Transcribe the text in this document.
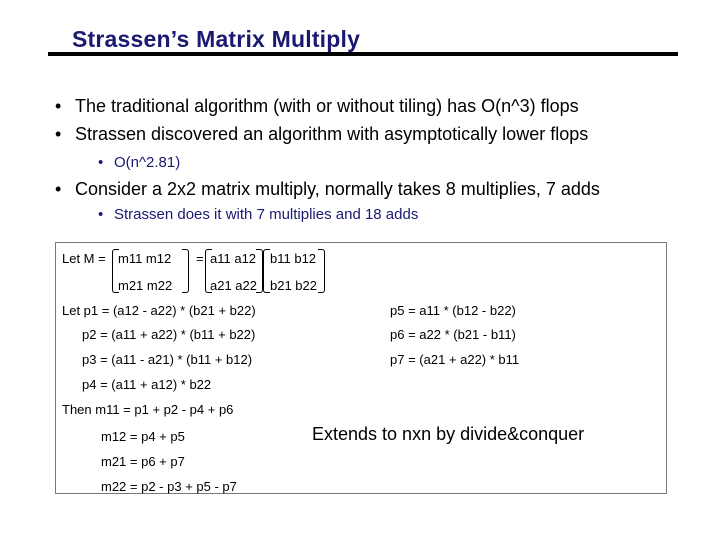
Strassen’s Matrix Multiply
• The traditional algorithm (with or without tiling) has O(n^3) flops
• Strassen discovered an algorithm with asymptotically lower flops
• O(n^2.81)
• Consider a 2x2 matrix multiply, normally takes 8 multiplies, 7 adds
• Strassen does it with 7 multiplies and 18 adds
Let M = m11 m12
m21 m22
= a11 a12
a21 a22
b11 b12
b21 b22
Let p1 = (a12 - a22) * (b21 + b22)
p2 = (a11 + a22) * (b11 + b22)
p3 = (a11 - a21) * (b11 + b12)
p4 = (a11 + a12) * b22
p5 = a11 * (b12 - b22)
p6 = a22 * (b21 - b11)
p7 = (a21 + a22) * b11
Then m11 = p1 + p2 - p4 + p6
m12 = p4 + p5
m21 = p6 + p7
m22 = p2 - p3 + p5 - p7
Extends to nxn by divide&conquer
